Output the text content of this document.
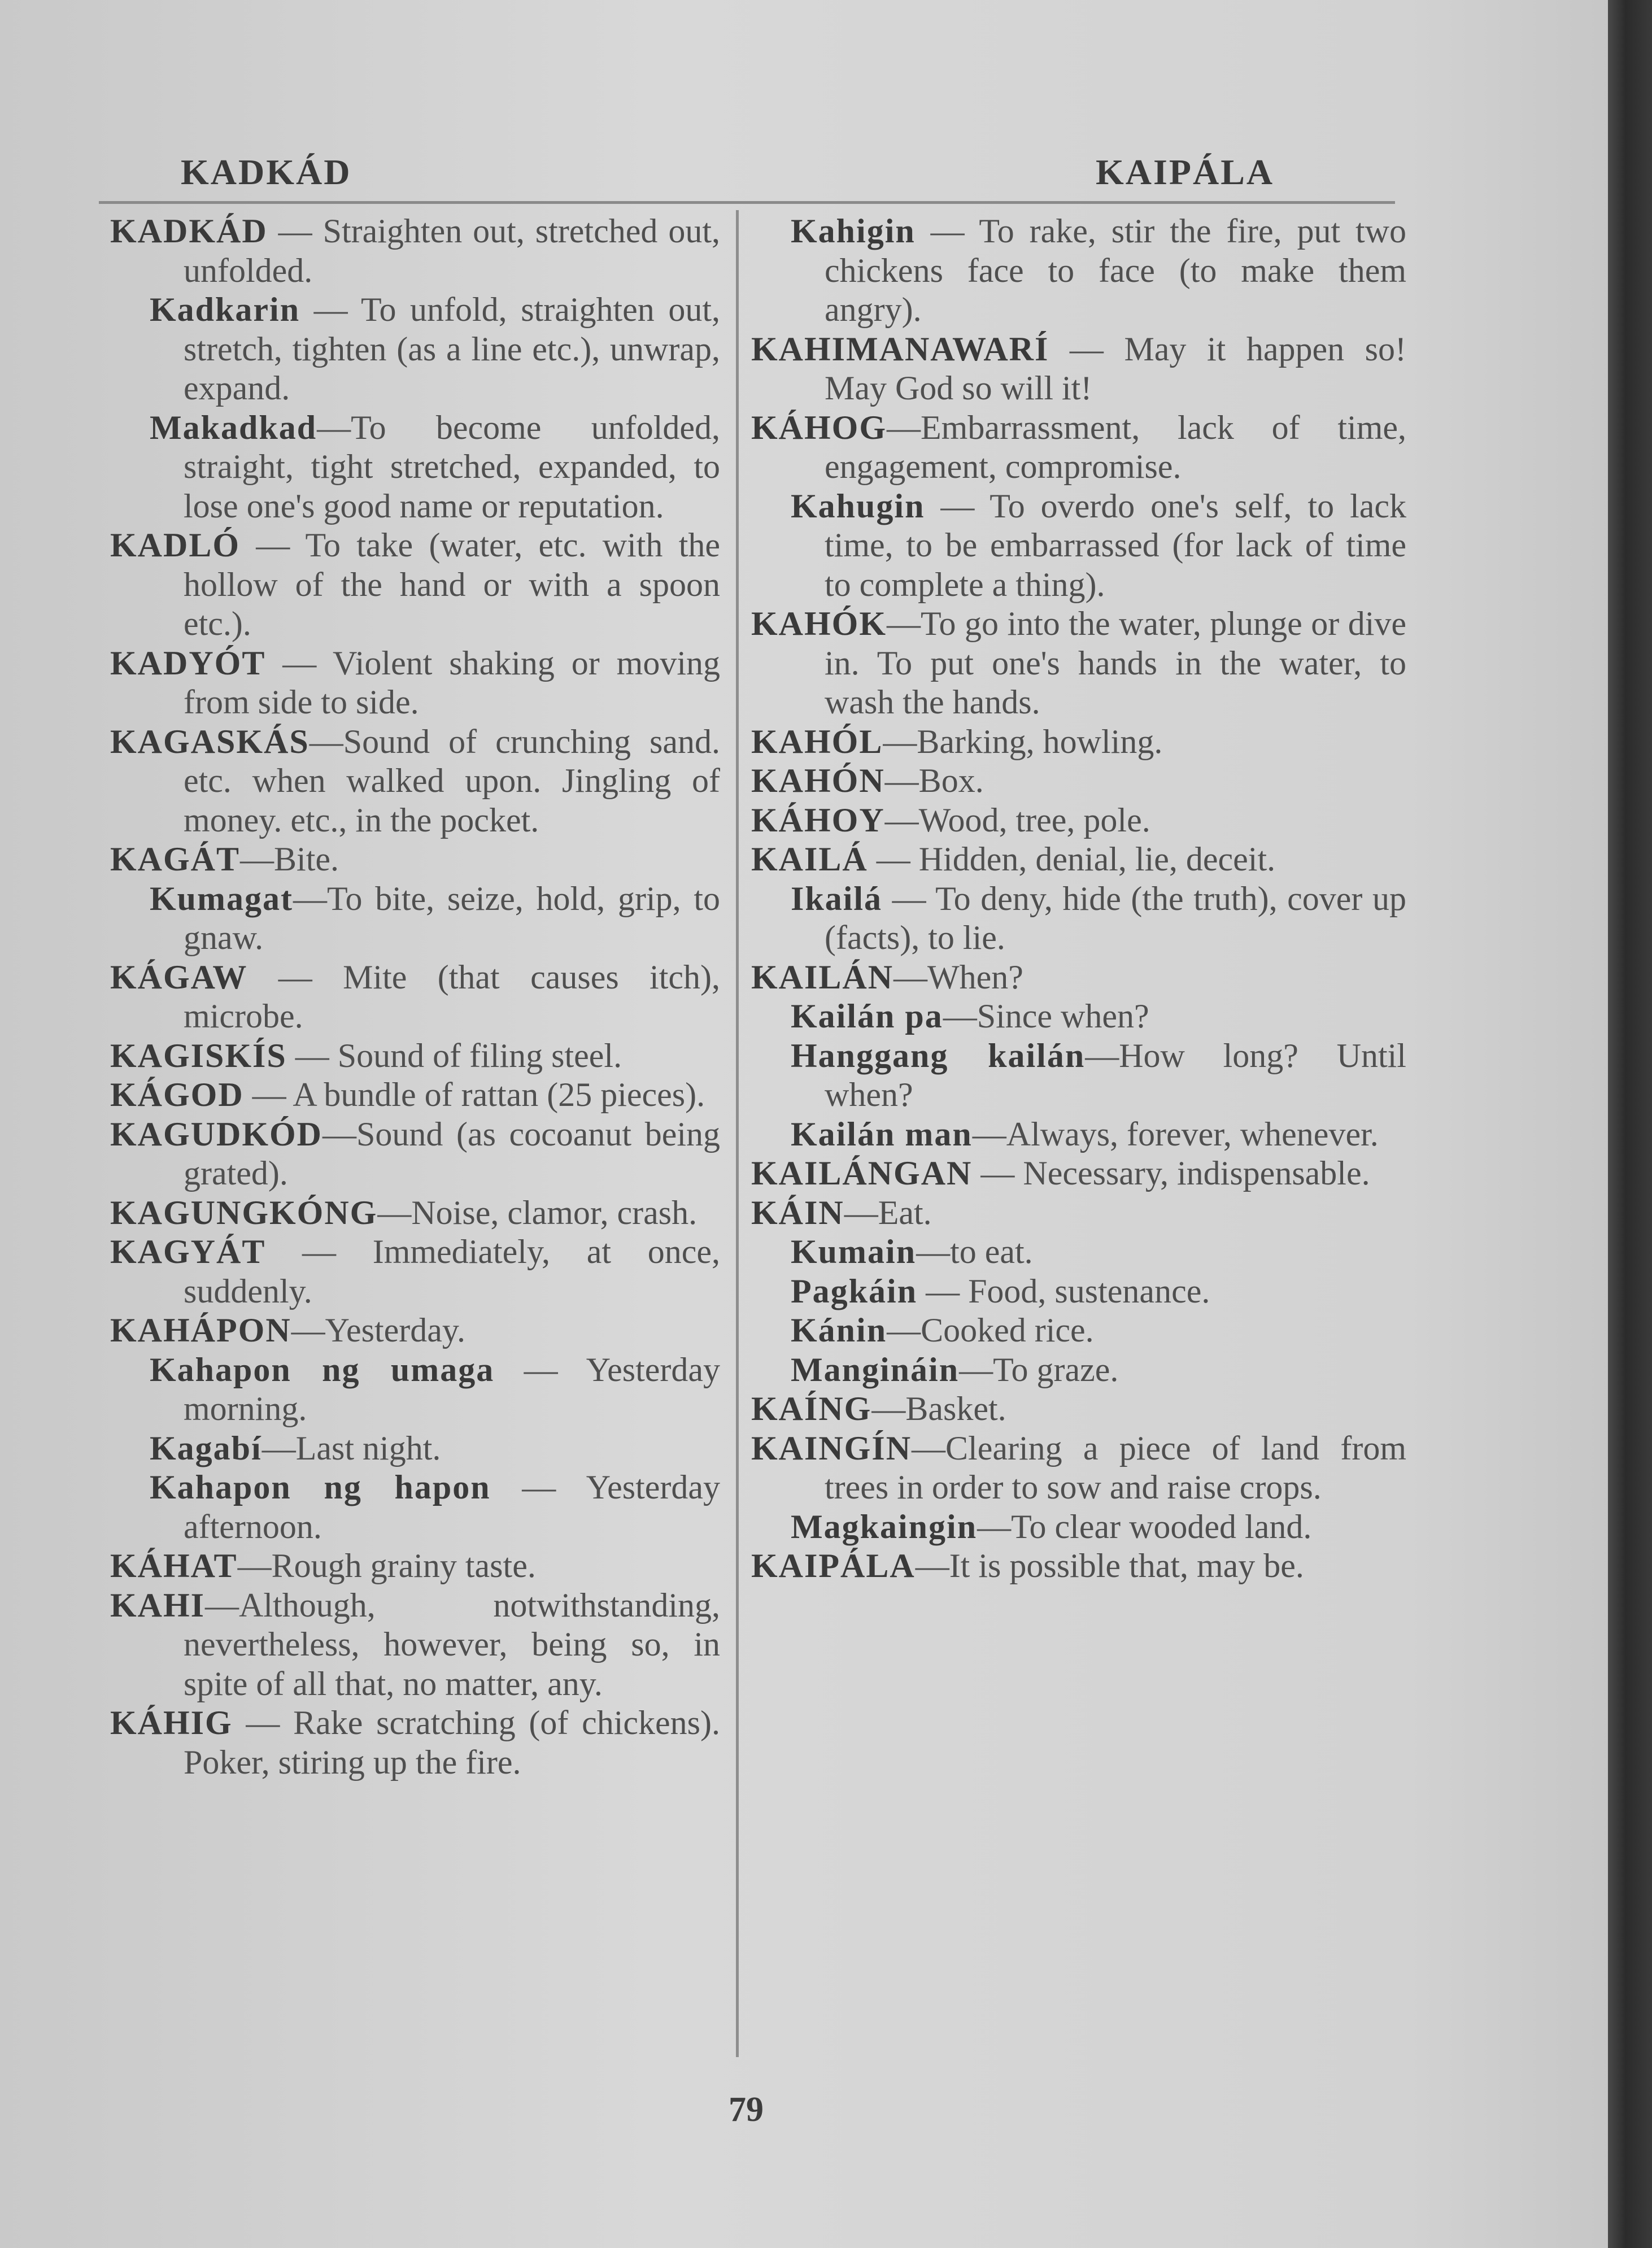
KADKÁD	KAIPÁLA

KADKÁD — Straighten out, stretched out, unfolded.

Kadkarin — To unfold, straighten out, stretch, tighten (as a line etc.), unwrap, expand.

Makadkad—To become unfolded, straight, tight stretched, expanded, to lose one's good name or reputation.

KADLÓ — To take (water, etc. with the hollow of the hand or with a spoon etc.).

KADYÓT — Violent shaking or moving from side to side.

KAGASKÁS—Sound of crunching sand. etc. when walked upon. Jingling of money. etc., in the pocket.

KAGÁT—Bite.

Kumagat—To bite, seize, hold, grip, to gnaw.

KÁGAW — Mite (that causes itch), microbe.

KAGISKÍS — Sound of filing steel.

KÁGOD — A bundle of rattan (25 pieces).

KAGUDKÓD—Sound (as cocoanut being grated).

KAGUNGKÓNG—Noise, clamor, crash.

KAGYÁT — Immediately, at once, suddenly.

KAHÁPON—Yesterday.

Kahapon ng umaga — Yesterday morning.

Kagabí—Last night.

Kahapon ng hapon — Yesterday afternoon.

KÁHAT—Rough grainy taste.

KAHI—Although, notwithstanding, nevertheless, however, being so, in spite of all that, no matter, any.

KÁHIG — Rake scratching (of chickens). Poker, stiring up the fire.

Kahigin — To rake, stir the fire, put two chickens face to face (to make them angry).

KAHIMANAWARÍ — May it happen so! May God so will it!

KÁHOG—Embarrassment, lack of time, engagement, compromise.

Kahugin — To overdo one's self, to lack time, to be embarrassed (for lack of time to complete a thing).

KAHÓK—To go into the water, plunge or dive in. To put one's hands in the water, to wash the hands.

KAHÓL—Barking, howling.

KAHÓN—Box.

KÁHOY—Wood, tree, pole.

KAILÁ — Hidden, denial, lie, deceit.

Ikailá — To deny, hide (the truth), cover up (facts), to lie.

KAILÁN—When?

Kailán pa—Since when?

Hanggang kailán—How long? Until when?

Kailán man—Always, forever, whenever.

KAILÁNGAN — Necessary, indispensable.

KÁIN—Eat.

Kumain—to eat.

Pagkáin — Food, sustenance.

Kánin—Cooked rice.

Mangináin—To graze.

KAÍNG—Basket.

KAINGÍN—Clearing a piece of land from trees in order to sow and raise crops.

Magkaingin—To clear wooded land.

KAIPÁLA—It is possible that, may be.

79
